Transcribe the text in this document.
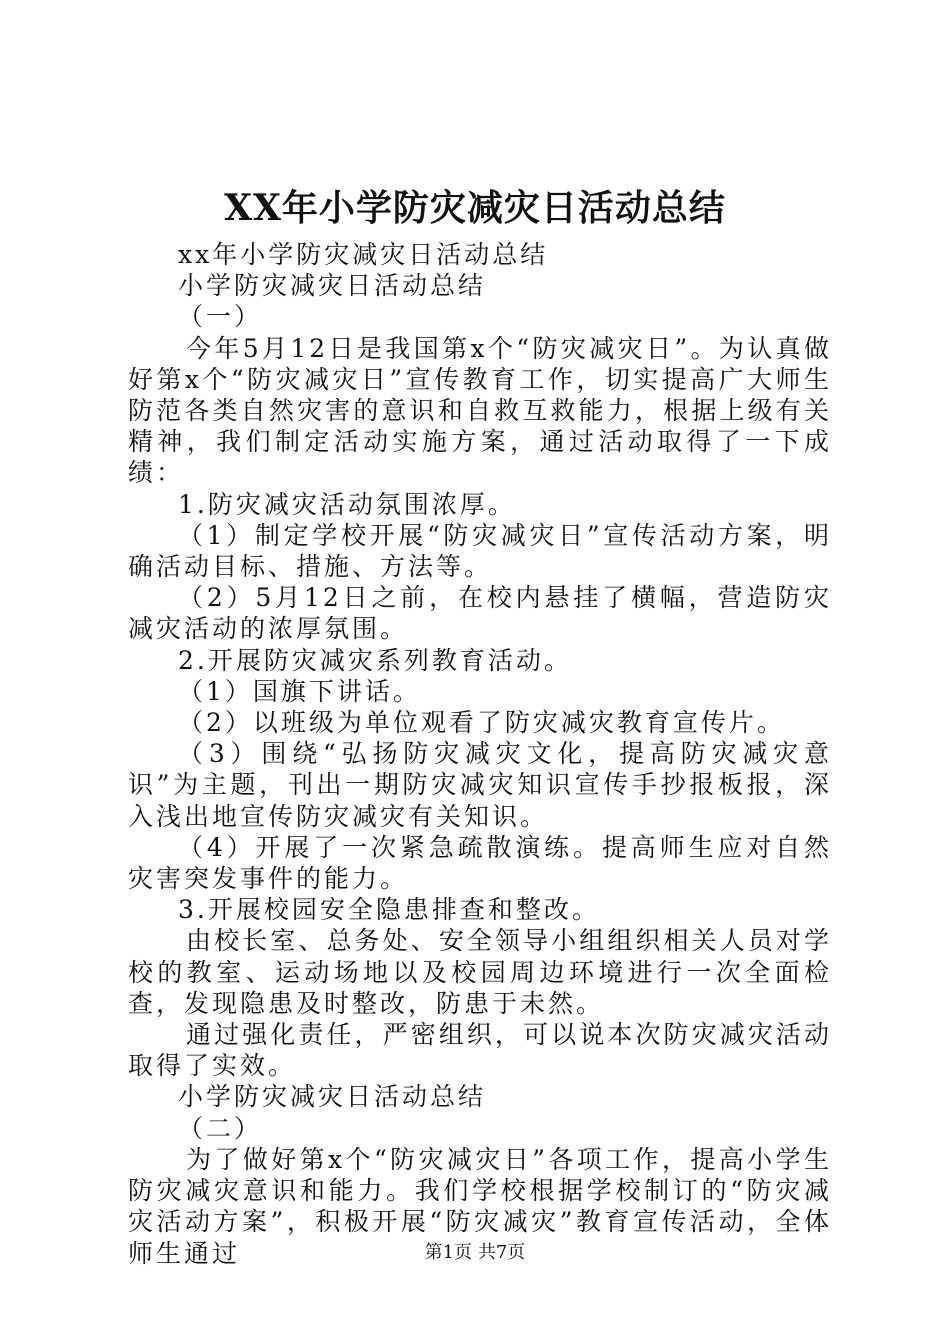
XX年小学防灾减灾日活动总结

xx年小学防灾减灾日活动总结

小学防灾减灾日活动总结

（一）

今年5月12日是我国第x个“防灾减灾日”。为认真做好第x个“防灾减灾日”宣传教育工作，切实提高广大师生防范各类自然灾害的意识和自救互救能力，根据上级有关精神，我们制定活动实施方案，通过活动取得了一下成绩：

1.防灾减灾活动氛围浓厚。

（1）制定学校开展“防灾减灾日”宣传活动方案，明确活动目标、措施、方法等。

（2）5月12日之前，在校内悬挂了横幅，营造防灾减灾活动的浓厚氛围。

2.开展防灾减灾系列教育活动。

（1）国旗下讲话。

（2）以班级为单位观看了防灾减灾教育宣传片。

（3）围绕“弘扬防灾减灾文化，提高防灾减灾意识”为主题，刊出一期防灾减灾知识宣传手抄报板报，深入浅出地宣传防灾减灾有关知识。

（4）开展了一次紧急疏散演练。提高师生应对自然灾害突发事件的能力。

3.开展校园安全隐患排查和整改。

由校长室、总务处、安全领导小组组织相关人员对学校的教室、运动场地以及校园周边环境进行一次全面检查，发现隐患及时整改，防患于未然。

通过强化责任，严密组织，可以说本次防灾减灾活动取得了实效。

小学防灾减灾日活动总结

（二）

为了做好第x个“防灾减灾日”各项工作，提高小学生防灾减灾意识和能力。我们学校根据学校制订的“防灾减灾活动方案”，积极开展“防灾减灾”教育宣传活动，全体师生通过	第1页 共7页
